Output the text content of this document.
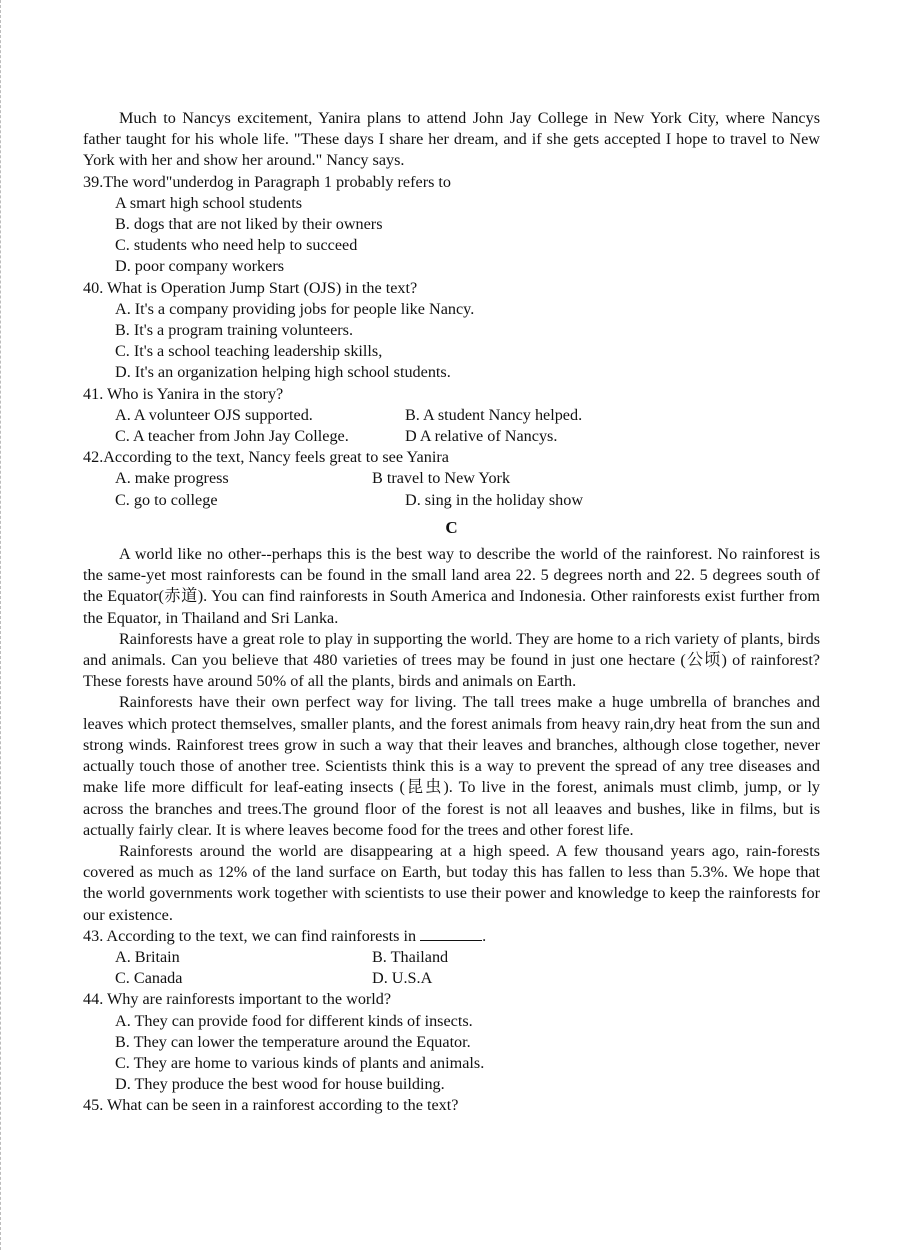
Much to Nancys excitement, Yanira plans to attend John Jay College in New York City, where Nancys father taught for his whole life. "These days I share her dream, and if she gets accepted I hope to travel to New York with her and show her around." Nancy says.

39.The word"underdog in Paragraph 1 probably refers to

A smart high school students

B. dogs that are not liked by their owners

C. students who need help to succeed

D. poor company workers

40. What is Operation Jump Start (OJS) in the text?

A. It's a company providing jobs for people like Nancy.

B. It's a program training volunteers.

C. It's a school teaching leadership skills,

D. It's an organization helping high school students.

41. Who is Yanira in the story?

A. A volunteer OJS supported.	B. A student Nancy helped.
C. A teacher from John Jay College.	D A relative of Nancys.

42.According to the text, Nancy feels great to see Yanira

A. make progress	B travel to New York
C. go to college	D. sing in the holiday show
C

A world like no other--perhaps this is the best way to describe the world of the rainforest. No rainforest is the same-yet most rainforests can be found in the small land area 22. 5 degrees north and 22. 5 degrees south of the Equator(赤道). You can find rainforests in South America and Indonesia. Other rainforests exist further from the Equator, in Thailand and Sri Lanka.

Rainforests have a great role to play in supporting the world. They are home to a rich variety of plants, birds and animals. Can you believe that 480 varieties of trees may be found in just one hectare (公顷) of rainforest? These forests have around 50% of all the plants, birds and animals on Earth.

Rainforests have their own perfect way for living. The tall trees make a huge umbrella of branches and leaves which protect themselves, smaller plants, and the forest animals from heavy rain,dry heat from the sun and strong winds. Rainforest trees grow in such a way that their leaves and branches, although close together, never actually touch those of another tree. Scientists think this is a way to prevent the spread of any tree diseases and make life more difficult for leaf-eating insects (昆虫). To live in the forest, animals must climb, jump, or ly across the branches and trees.The ground floor of the forest is not all leaaves and bushes, like in films, but is actually fairly clear. It is where leaves become food for the trees and other forest life.

Rainforests around the world are disappearing at a high speed. A few thousand years ago, rain-forests covered as much as 12% of the land surface on Earth, but today this has fallen to less than 5.3%. We hope that the world governments work together with scientists to use their power and knowledge to keep the rainforests for our existence.

43. According to the text, we can find rainforests in	.

A. Britain	B. Thailand
C. Canada	D. U.S.A

44. Why are rainforests important to the world?

A. They can provide food for different kinds of insects.

B. They can lower the temperature around the Equator.

C. They are home to various kinds of plants and animals.

D. They produce the best wood for house building.

45. What can be seen in a rainforest according to the text?
